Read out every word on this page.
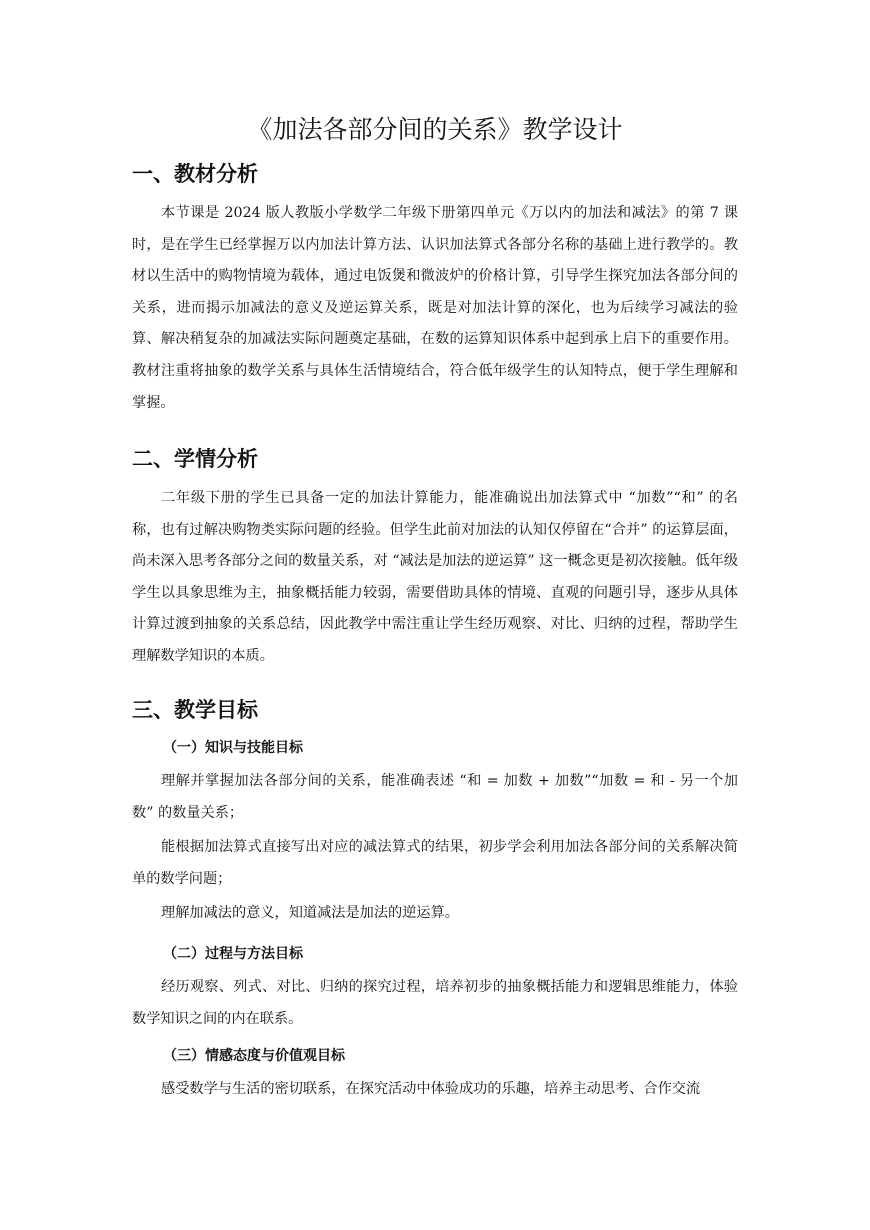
《加法各部分间的关系》教学设计
一、教材分析

本节课是 2024 版人教版小学数学二年级下册第四单元《万以内的加法和减法》的第 7 课时，是在学生已经掌握万以内加法计算方法、认识加法算式各部分名称的基础上进行教学的。教材以生活中的购物情境为载体，通过电饭煲和微波炉的价格计算，引导学生探究加法各部分间的关系，进而揭示加减法的意义及逆运算关系，既是对加法计算的深化，也为后续学习减法的验算、解决稍复杂的加减法实际问题奠定基础，在数的运算知识体系中起到承上启下的重要作用。教材注重将抽象的数学关系与具体生活情境结合，符合低年级学生的认知特点，便于学生理解和掌握。

二、学情分析

二年级下册的学生已具备一定的加法计算能力，能准确说出加法算式中 “加数”“和” 的名称，也有过解决购物类实际问题的经验。但学生此前对加法的认知仅停留在“合并” 的运算层面，尚未深入思考各部分之间的数量关系，对 “减法是加法的逆运算” 这一概念更是初次接触。低年级学生以具象思维为主，抽象概括能力较弱，需要借助具体的情境、直观的问题引导，逐步从具体计算过渡到抽象的关系总结，因此教学中需注重让学生经历观察、对比、归纳的过程，帮助学生理解数学知识的本质。

三、教学目标
（一）知识与技能目标

理解并掌握加法各部分间的关系，能准确表述 “和 = 加数 + 加数”“加数 = 和 - 另一个加数” 的数量关系；

能根据加法算式直接写出对应的减法算式的结果，初步学会利用加法各部分间的关系解决简单的数学问题；

理解加减法的意义，知道减法是加法的逆运算。

（二）过程与方法目标

经历观察、列式、对比、归纳的探究过程，培养初步的抽象概括能力和逻辑思维能力，体验数学知识之间的内在联系。

（三）情感态度与价值观目标

感受数学与生活的密切联系，在探究活动中体验成功的乐趣，培养主动思考、合作交流
